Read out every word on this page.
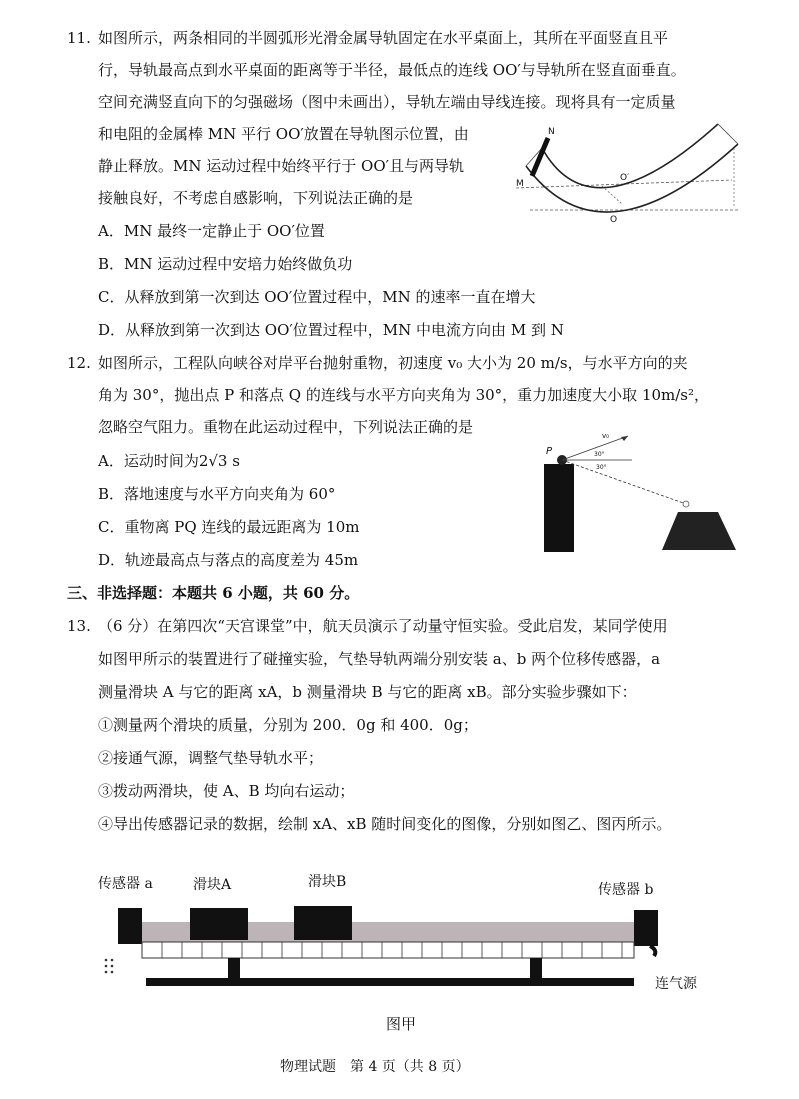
11. 如图所示，两条相同的半圆弧形光滑金属导轨固定在水平桌面上，其所在平面竖直且平
行，导轨最高点到水平桌面的距离等于半径，最低点的连线 OO′与导轨所在竖直面垂直。
空间充满竖直向下的匀强磁场（图中未画出），导轨左端由导线连接。现将具有一定质量
和电阻的金属棒 MN 平行 OO′放置在导轨图示位置，由
静止释放。MN 运动过程中始终平行于 OO′且与两导轨
接触良好，不考虑自感影响，下列说法正确的是
A．MN 最终一定静止于 OO′位置
B．MN 运动过程中安培力始终做负功
C．从释放到第一次到达 OO′位置过程中，MN 的速率一直在增大
D．从释放到第一次到达 OO′位置过程中，MN 中电流方向由 M 到 N
N
M
O′
O
12. 如图所示，工程队向峡谷对岸平台抛射重物，初速度 v₀ 大小为 20 m/s，与水平方向的夹
角为 30°，抛出点 P 和落点 Q 的连线与水平方向夹角为 30°，重力加速度大小取 10m/s²，
忽略空气阻力。重物在此运动过程中，下列说法正确的是
A．运动时间为2√3 s
B．落地速度与水平方向夹角为 60°
C．重物离 PQ 连线的最远距离为 10m
D．轨迹最高点与落点的高度差为 45m
P
v₀
30°
30°
三、非选择题：本题共 6 小题，共 60 分。
13. （6 分）在第四次“天宫课堂”中，航天员演示了动量守恒实验。受此启发，某同学使用
如图甲所示的装置进行了碰撞实验，气垫导轨两端分别安装 a、b 两个位移传感器，a
测量滑块 A 与它的距离 xA，b 测量滑块 B 与它的距离 xB。部分实验步骤如下：
①测量两个滑块的质量，分别为 200．0g 和 400．0g；
②接通气源，调整气垫导轨水平；
③拨动两滑块，使 A、B 均向右运动；
④导出传感器记录的数据，绘制 xA、xB 随时间变化的图像，分别如图乙、图丙所示。
传感器 a	滑块A	滑块B	传感器 b
连气源
图甲
物理试题　第 4 页（共 8 页）
